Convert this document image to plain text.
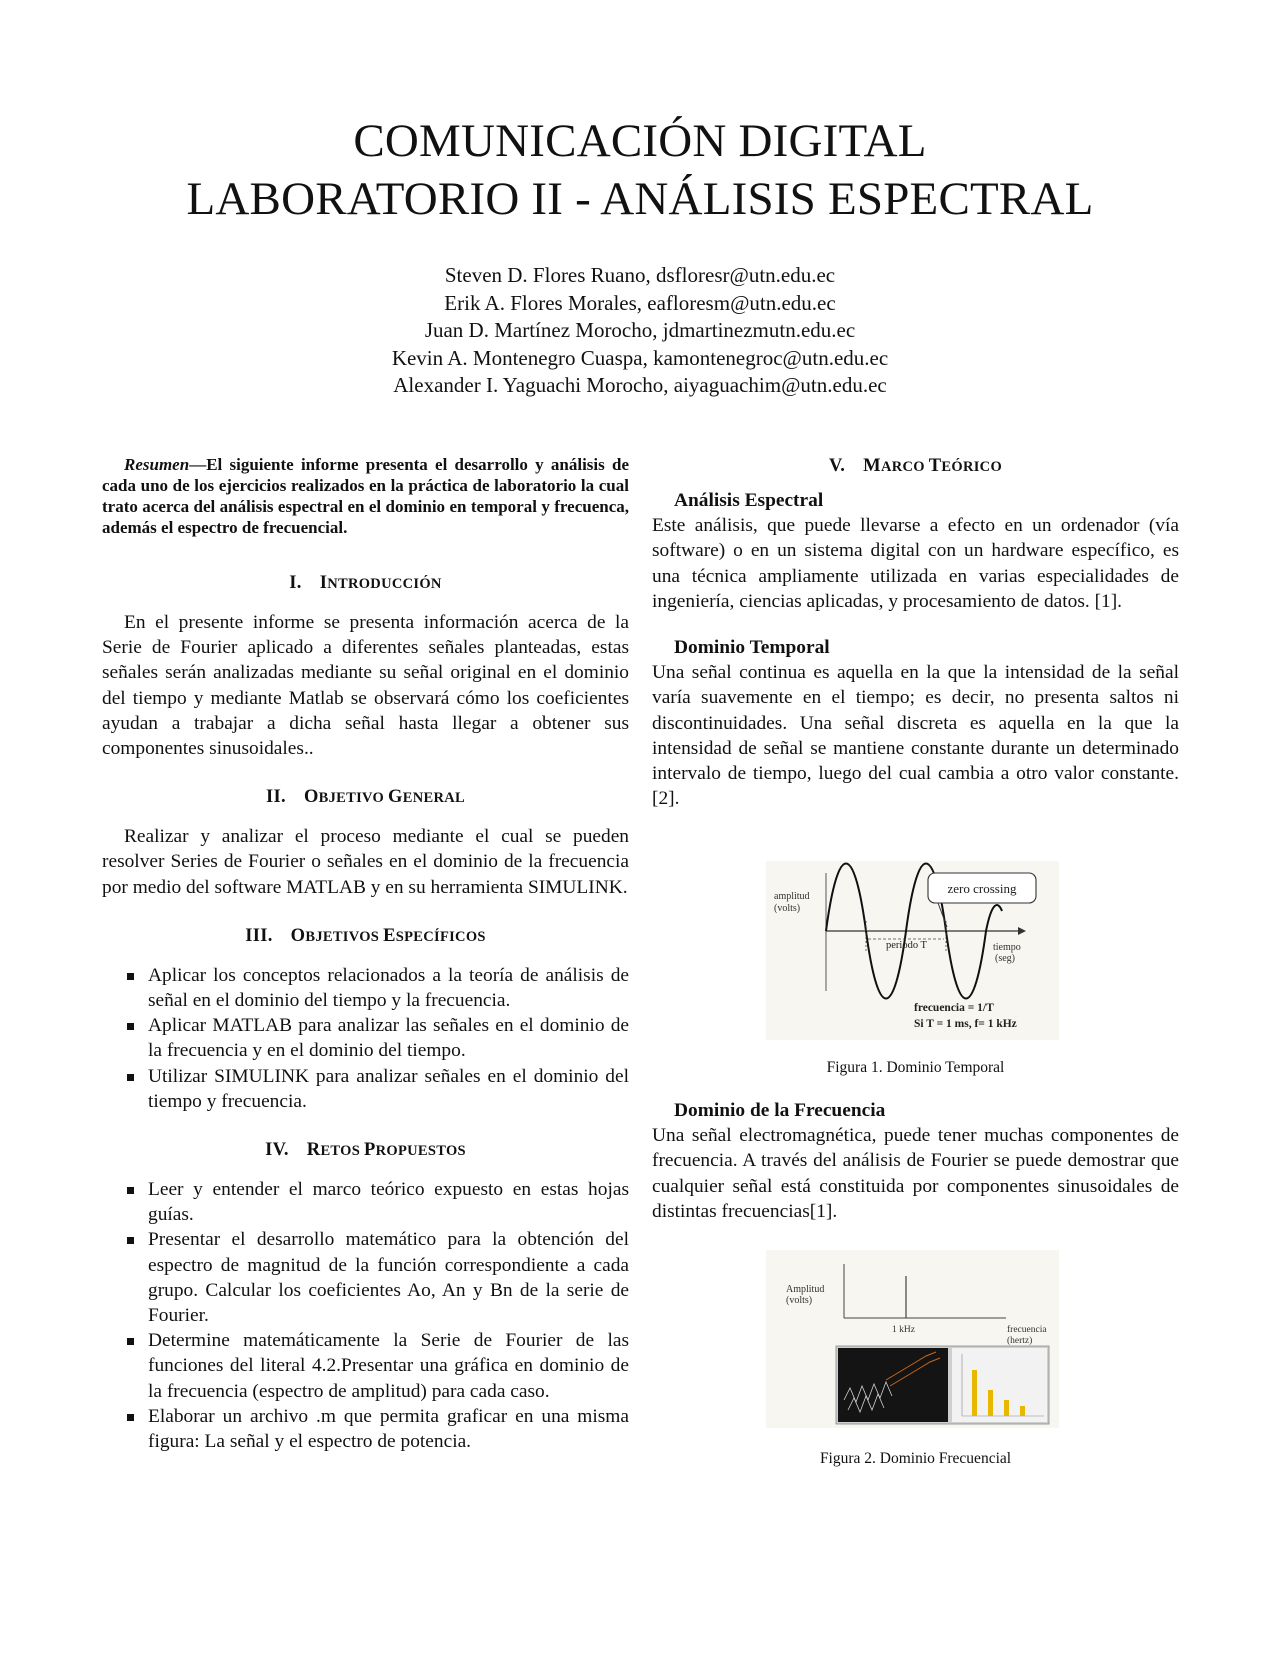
COMUNICACIÓN DIGITAL
LABORATORIO II - ANÁLISIS ESPECTRAL
Steven D. Flores Ruano, dsfloresr@utn.edu.ec
Erik A. Flores Morales, eafloresm@utn.edu.ec
Juan D. Martínez Morocho, jdmartinezmutn.edu.ec
Kevin A. Montenegro Cuaspa, kamontenegroc@utn.edu.ec
Alexander I. Yaguachi Morocho, aiyaguachim@utn.edu.ec

Resumen—El siguiente informe presenta el desarrollo y análisis de cada uno de los ejercicios realizados en la práctica de laboratorio la cual trato acerca del análisis espectral en el dominio en temporal y frecuenca, además el espectro de frecuencial.

I. INTRODUCCIÓN

En el presente informe se presenta información acerca de la Serie de Fourier aplicado a diferentes señales planteadas, estas señales serán analizadas mediante su señal original en el dominio del tiempo y mediante Matlab se observará cómo los coeficientes ayudan a trabajar a dicha señal hasta llegar a obtener sus componentes sinusoidales..

II. OBJETIVO GENERAL

Realizar y analizar el proceso mediante el cual se pueden resolver Series de Fourier o señales en el dominio de la frecuencia por medio del software MATLAB y en su herramienta SIMULINK.

III. OBJETIVOS ESPECÍFICOS
Aplicar los conceptos relacionados a la teoría de análisis de señal en el dominio del tiempo y la frecuencia.
Aplicar MATLAB para analizar las señales en el dominio de la frecuencia y en el dominio del tiempo.
Utilizar SIMULINK para analizar señales en el dominio del tiempo y frecuencia.
IV. RETOS PROPUESTOS
Leer y entender el marco teórico expuesto en estas hojas guías.
Presentar el desarrollo matemático para la obtención del espectro de magnitud de la función correspondiente a cada grupo. Calcular los coeficientes Ao, An y Bn de la serie de Fourier.
Determine matemáticamente la Serie de Fourier de las funciones del literal 4.2.Presentar una gráfica en dominio de la frecuencia (espectro de amplitud) para cada caso.
Elaborar un archivo .m que permita graficar en una misma figura: La señal y el espectro de potencia.
V. MARCO TEÓRICO
Análisis Espectral

Este análisis, que puede llevarse a efecto en un ordenador (vía software) o en un sistema digital con un hardware específico, es una técnica ampliamente utilizada en varias especialidades de ingeniería, ciencias aplicadas, y procesamiento de datos. [1].

Dominio Temporal

Una señal continua es aquella en la que la intensidad de la señal varía suavemente en el tiempo; es decir, no presenta saltos ni discontinuidades. Una señal discreta es aquella en la que la intensidad de señal se mantiene constante durante un determinado intervalo de tiempo, luego del cual cambia a otro valor constante. [2].

zero crossing
amplitud
(volts)
periodo T	tiempo
(seg)
frecuencia = 1/T
Si T = 1 ms, f= 1 kHz
Figura 1. Dominio Temporal
Dominio de la Frecuencia

Una señal electromagnética, puede tener muchas componentes de frecuencia. A través del análisis de Fourier se puede demostrar que cualquier señal está constituida por componentes sinusoidales de distintas frecuencias[1].

Amplitud
(volts)
1 kHz	frecuencia
(hertz)
Figura 2. Dominio Frecuencial
